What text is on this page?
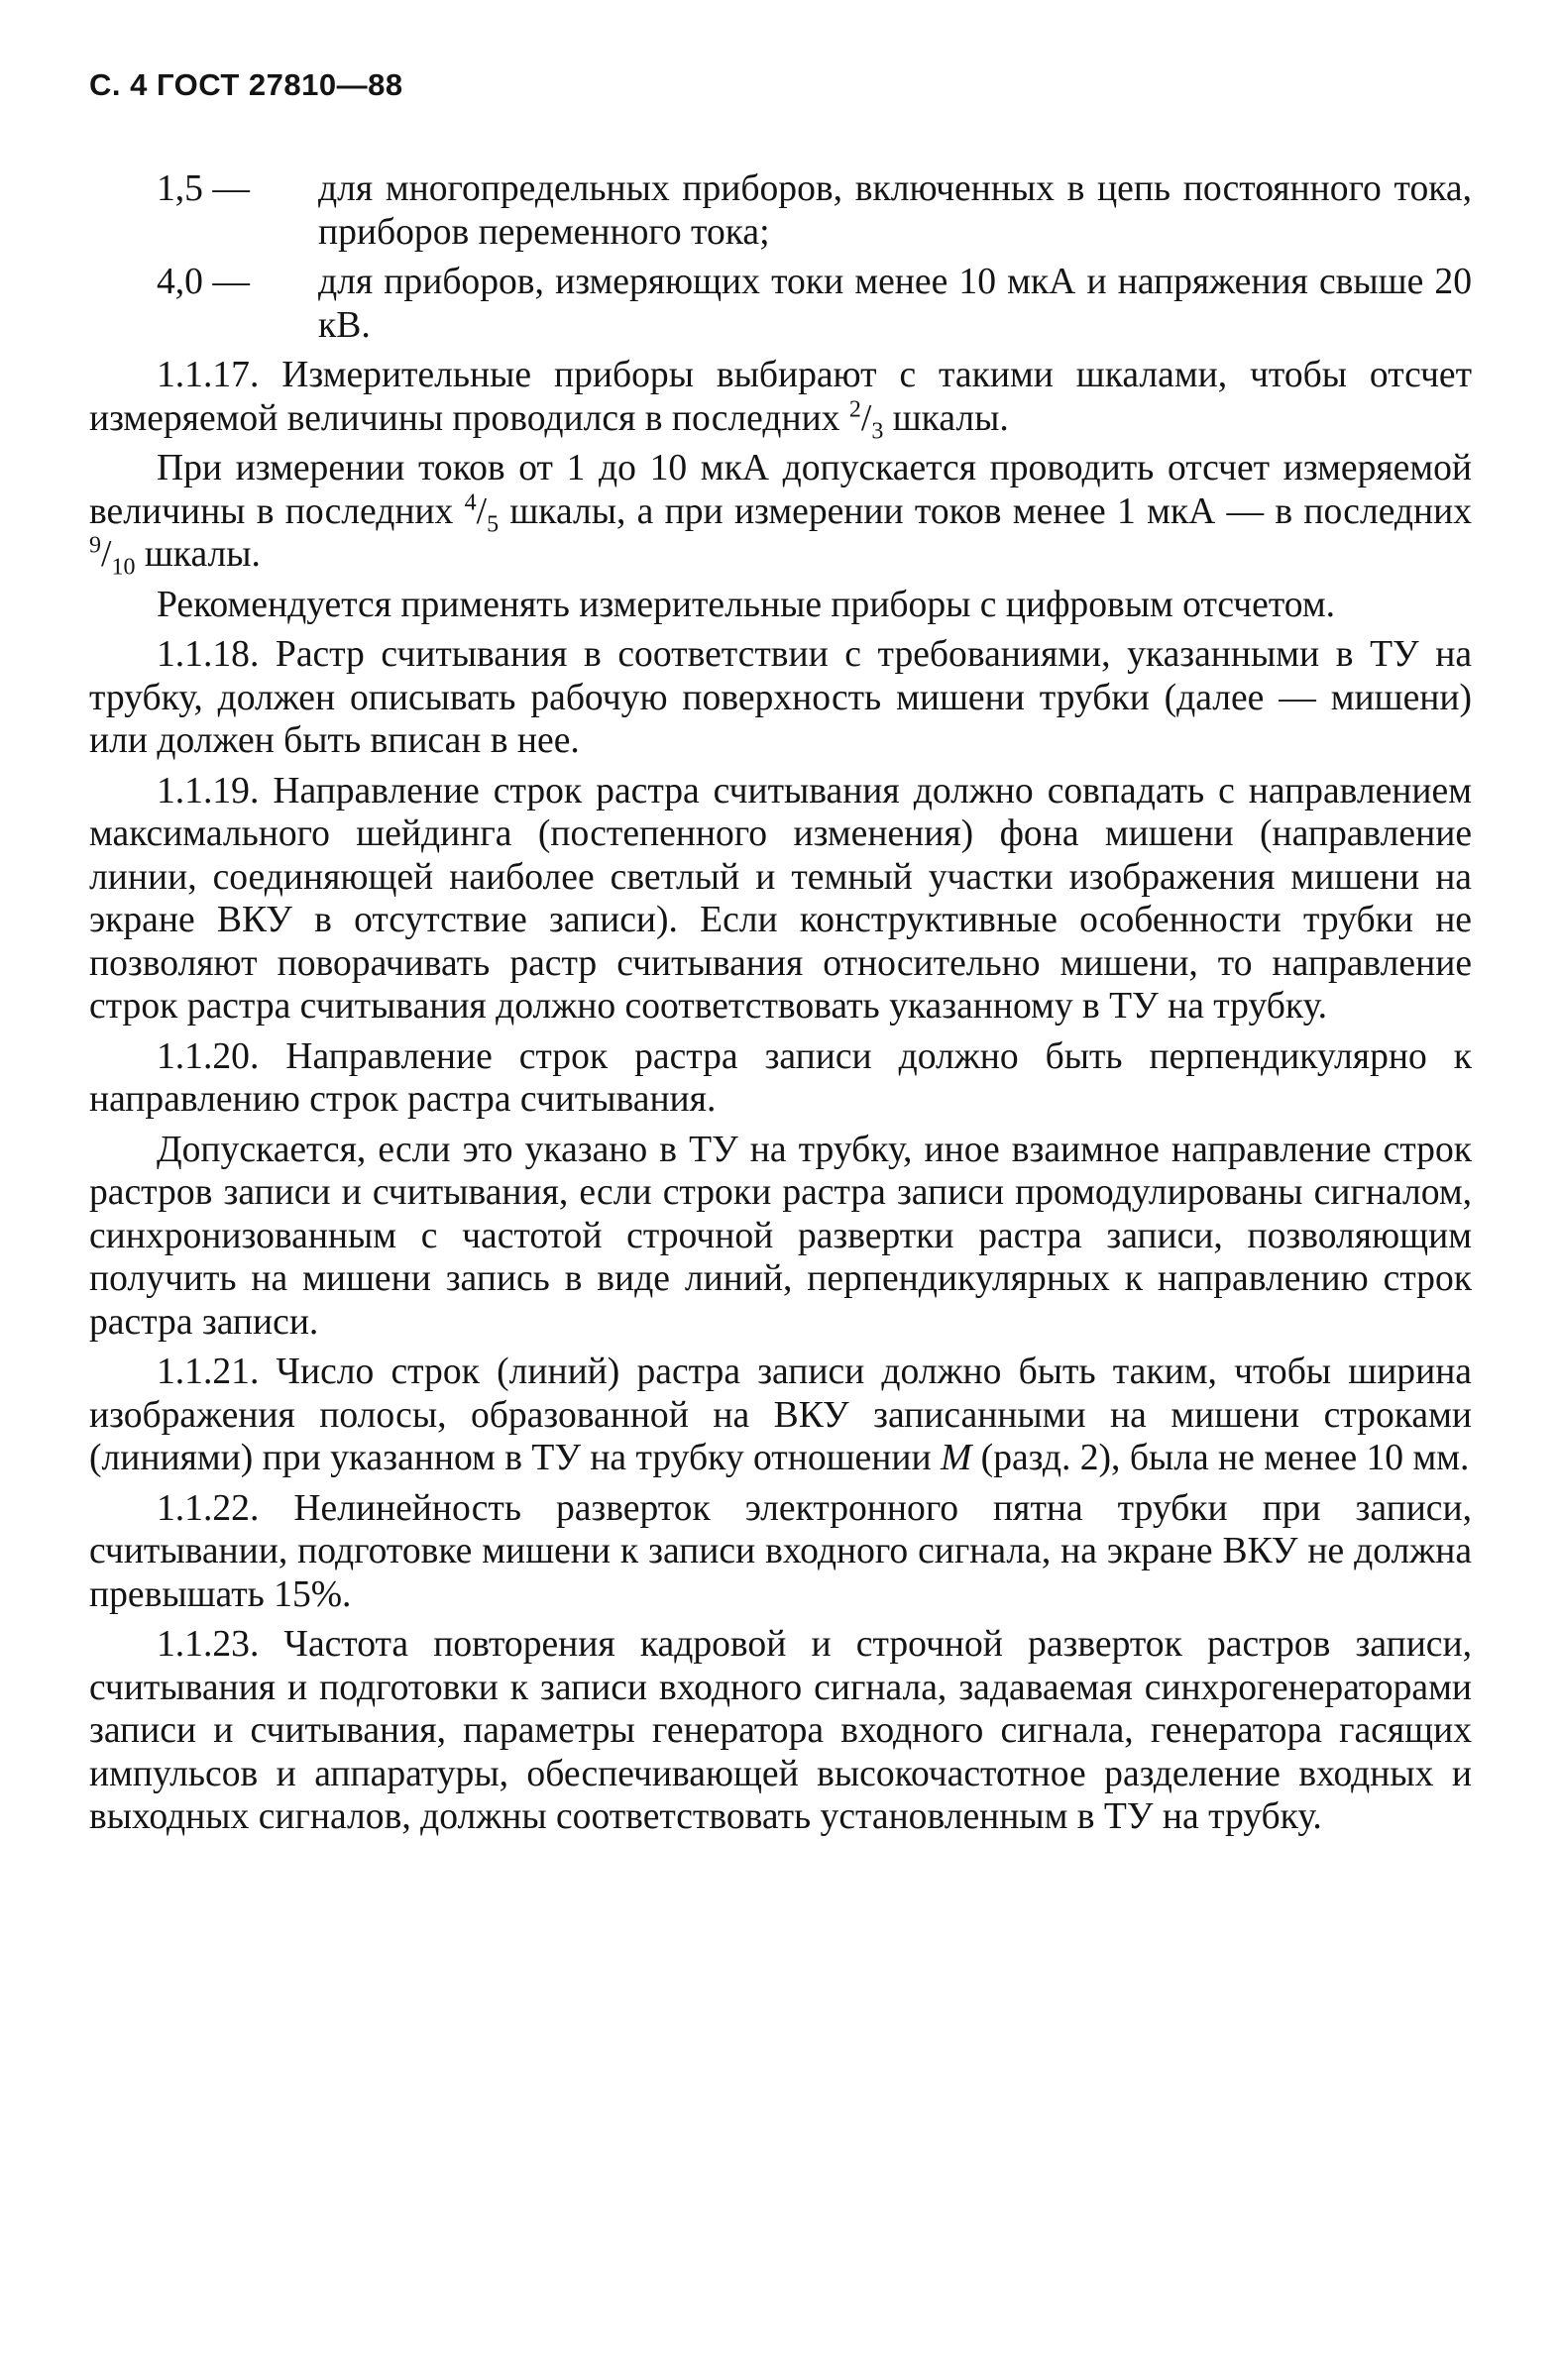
С. 4 ГОСТ 27810—88
1,5 — для многопредельных приборов, включенных в цепь постоянного тока, приборов переменного тока;
4,0 — для приборов, измеряющих токи менее 10 мкА и напряжения свыше 20 кВ.

1.1.17. Измерительные приборы выбирают с такими шкалами, чтобы отсчет измеряемой величины проводился в последних $^2/_3$ шкалы.

При измерении токов от 1 до 10 мкА допускается проводить отсчет измеряемой величины в последних $^4/_5$ шкалы, а при измерении токов менее 1 мкА — в последних $^9/_{10}$ шкалы.

Рекомендуется применять измерительные приборы с цифровым отсчетом.

1.1.18. Растр считывания в соответствии с требованиями, указанными в ТУ на трубку, должен описывать рабочую поверхность мишени трубки (далее — мишени) или должен быть вписан в нее.

1.1.19. Направление строк растра считывания должно совпадать с направлением максимального шейдинга (постепенного изменения) фона мишени (направление линии, соединяющей наиболее светлый и темный участки изображения мишени на экране ВКУ в отсутствие записи). Если конструктивные особенности трубки не позволяют поворачивать растр считывания относительно мишени, то направление строк растра считывания должно соответствовать указанному в ТУ на трубку.

1.1.20. Направление строк растра записи должно быть перпендикулярно к направлению строк растра считывания.

Допускается, если это указано в ТУ на трубку, иное взаимное направление строк растров записи и считывания, если строки растра записи промодулированы сигналом, синхронизованным с частотой строчной развертки растра записи, позволяющим получить на мишени запись в виде линий, перпендикулярных к направлению строк растра записи.

1.1.21. Число строк (линий) растра записи должно быть таким, чтобы ширина изображения полосы, образованной на ВКУ записанными на мишени строками (линиями) при указанном в ТУ на трубку отношении М (разд. 2), была не менее 10 мм.

1.1.22. Нелинейность разверток электронного пятна трубки при записи, считывании, подготовке мишени к записи входного сигнала, на экране ВКУ не должна превышать 15%.

1.1.23. Частота повторения кадровой и строчной разверток растров записи, считывания и подготовки к записи входного сигнала, задаваемая синхрогенераторами записи и считывания, параметры генератора входного сигнала, генератора гасящих импульсов и аппаратуры, обеспечивающей высокочастотное разделение входных и выходных сигналов, должны соответствовать установленным в ТУ на трубку.
